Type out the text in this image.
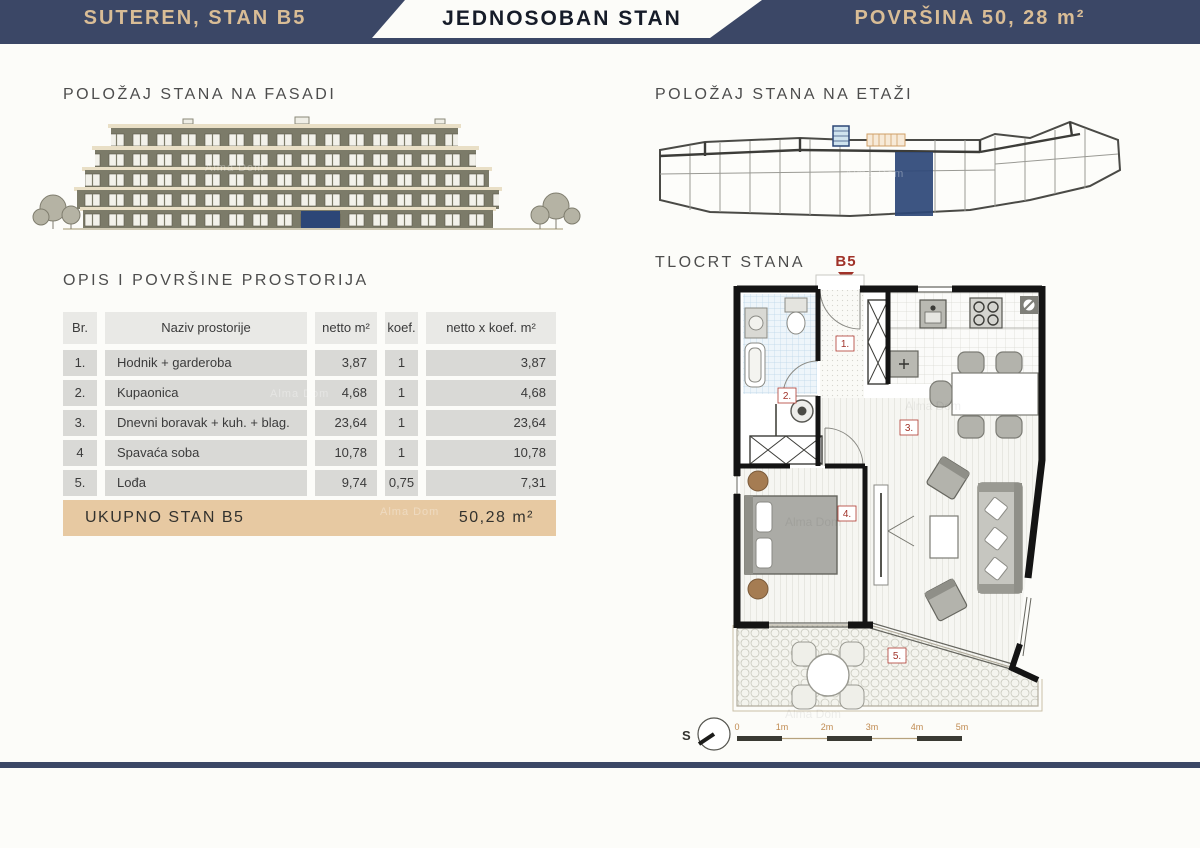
SUTEREN, STAN B5	JEDNOSOBAN STAN	POVRŠINA 50, 28 m²
POLOŽAJ STANA NA FASADI	POLOŽAJ STANA NA ETAŽI
OPIS I POVRŠINE PROSTORIJA
TLOCRT STANA B5
1.
2.
3.
4.
5.
S
0	1m	2m	3m	4m	5m
Alma Dom
Alma Dom
Alma Dom
Br.	Naziv prostorije	netto m²	koef.	netto x koef. m²
1.	Hodnik + garderoba	3,87	1	3,87
2.	Kupaonica	4,68	1	4,68
3.	Dnevni boravak + kuh. + blag.	23,64	1	23,64
4	Spavaća soba	10,78	1	10,78
5.	Lođa	9,74	0,75	7,31
UKUPNO STAN B5	50,28 m²
Alma Dom	Alma Dom
Alma Dom
Alma Dom
